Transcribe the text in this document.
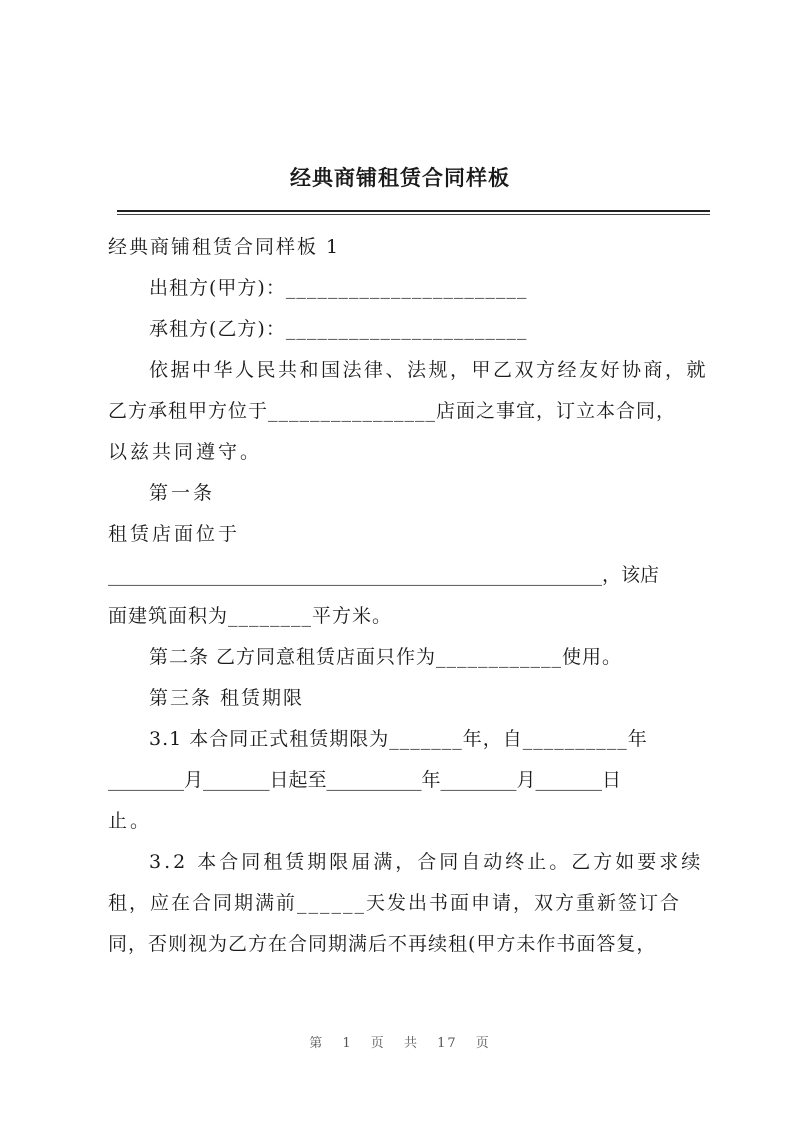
经典商铺租赁合同样板
经典商铺租赁合同样板 1
出租方(甲方)：_______________________
承租方(乙方)：_______________________
依据中华人民共和国法律、法规，甲乙双方经友好协商，就
乙方承租甲方位于________________店面之事宜，订立本合同，
以兹共同遵守。
第一条
租赁店面位于
____________________________________________________，该店
面建筑面积为________平方米。
第二条 乙方同意租赁店面只作为____________使用。
第三条 租赁期限
3.1 本合同正式租赁期限为_______年，自__________年
________月_______日起至__________年________月_______日
止。
3.2 本合同租赁期限届满，合同自动终止。乙方如要求续
租，应在合同期满前______天发出书面申请，双方重新签订合
同，否则视为乙方在合同期满后不再续租(甲方未作书面答复，
第 1 页 共 17 页
